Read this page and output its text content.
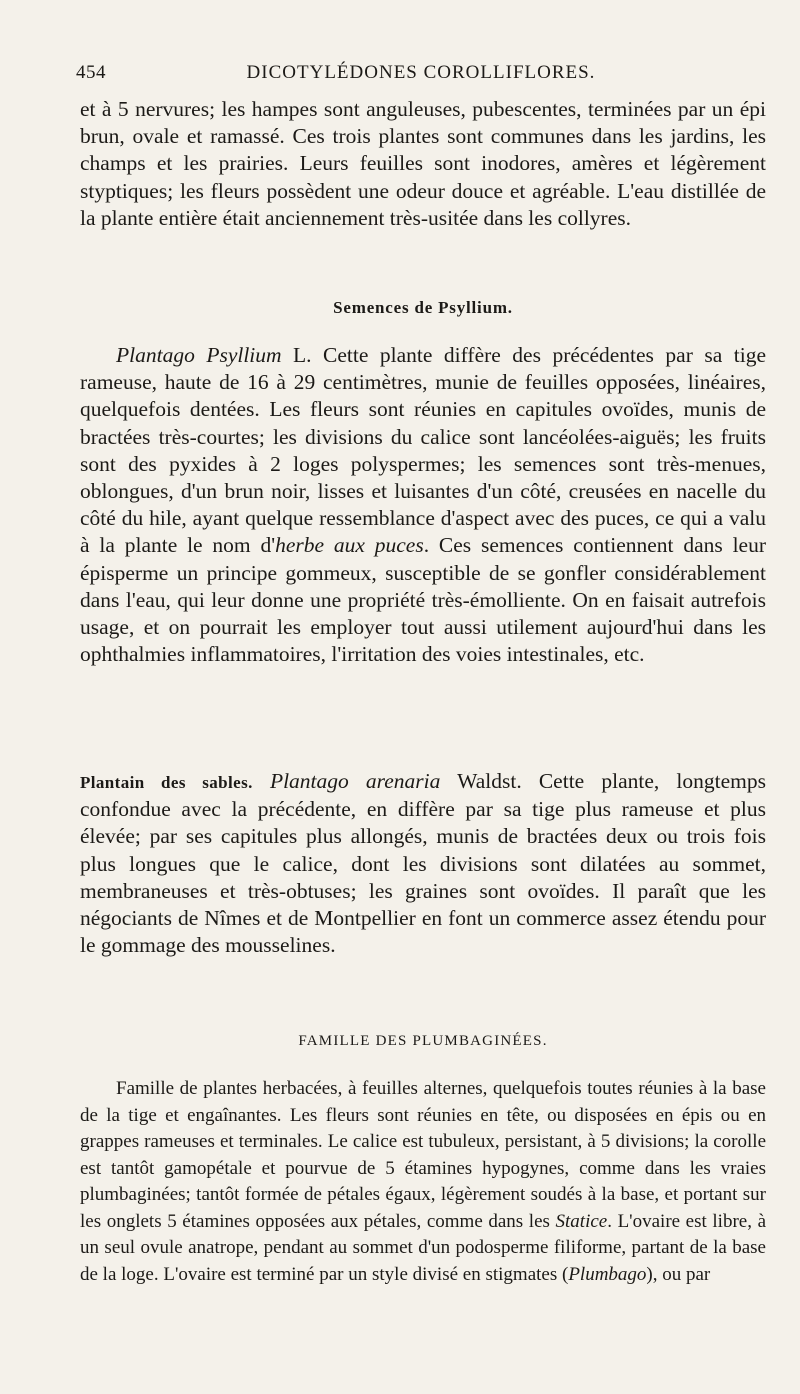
454	DICOTYLÉDONES COROLLIFLORES.

et à 5 nervures; les hampes sont anguleuses, pubescentes, terminées par un épi brun, ovale et ramassé. Ces trois plantes sont communes dans les jardins, les champs et les prairies. Leurs feuilles sont inodores, amères et légèrement styptiques; les fleurs possèdent une odeur douce et agréable. L'eau distillée de la plante entière était anciennement très-usitée dans les collyres.

Semences de Psyllium.

Plantago Psyllium L. Cette plante diffère des précédentes par sa tige rameuse, haute de 16 à 29 centimètres, munie de feuilles opposées, linéaires, quelquefois dentées. Les fleurs sont réunies en capitules ovoïdes, munis de bractées très-courtes; les divisions du calice sont lancéolées-aiguës; les fruits sont des pyxides à 2 loges polyspermes; les semences sont très-menues, oblongues, d'un brun noir, lisses et luisantes d'un côté, creusées en nacelle du côté du hile, ayant quelque ressemblance d'aspect avec des puces, ce qui a valu à la plante le nom d'herbe aux puces. Ces semences contiennent dans leur épisperme un principe gommeux, susceptible de se gonfler considérablement dans l'eau, qui leur donne une propriété très-émolliente. On en faisait autrefois usage, et on pourrait les employer tout aussi utilement aujourd'hui dans les ophthalmies inflammatoires, l'irritation des voies intestinales, etc.

Plantain des sables. Plantago arenaria Waldst. Cette plante, longtemps confondue avec la précédente, en diffère par sa tige plus rameuse et plus élevée; par ses capitules plus allongés, munis de bractées deux ou trois fois plus longues que le calice, dont les divisions sont dilatées au sommet, membraneuses et très-obtuses; les graines sont ovoïdes. Il paraît que les négociants de Nîmes et de Montpellier en font un commerce assez étendu pour le gommage des mousselines.

FAMILLE DES PLUMBAGINÉES.

Famille de plantes herbacées, à feuilles alternes, quelquefois toutes réunies à la base de la tige et engaînantes. Les fleurs sont réunies en tête, ou disposées en épis ou en grappes rameuses et terminales. Le calice est tubuleux, persistant, à 5 divisions; la corolle est tantôt gamopétale et pourvue de 5 étamines hypogynes, comme dans les vraies plumbaginées; tantôt formée de pétales égaux, légèrement soudés à la base, et portant sur les onglets 5 étamines opposées aux pétales, comme dans les Statice. L'ovaire est libre, à un seul ovule anatrope, pendant au sommet d'un podosperme filiforme, partant de la base de la loge. L'ovaire est terminé par un style divisé en stigmates (Plumbago), ou par
